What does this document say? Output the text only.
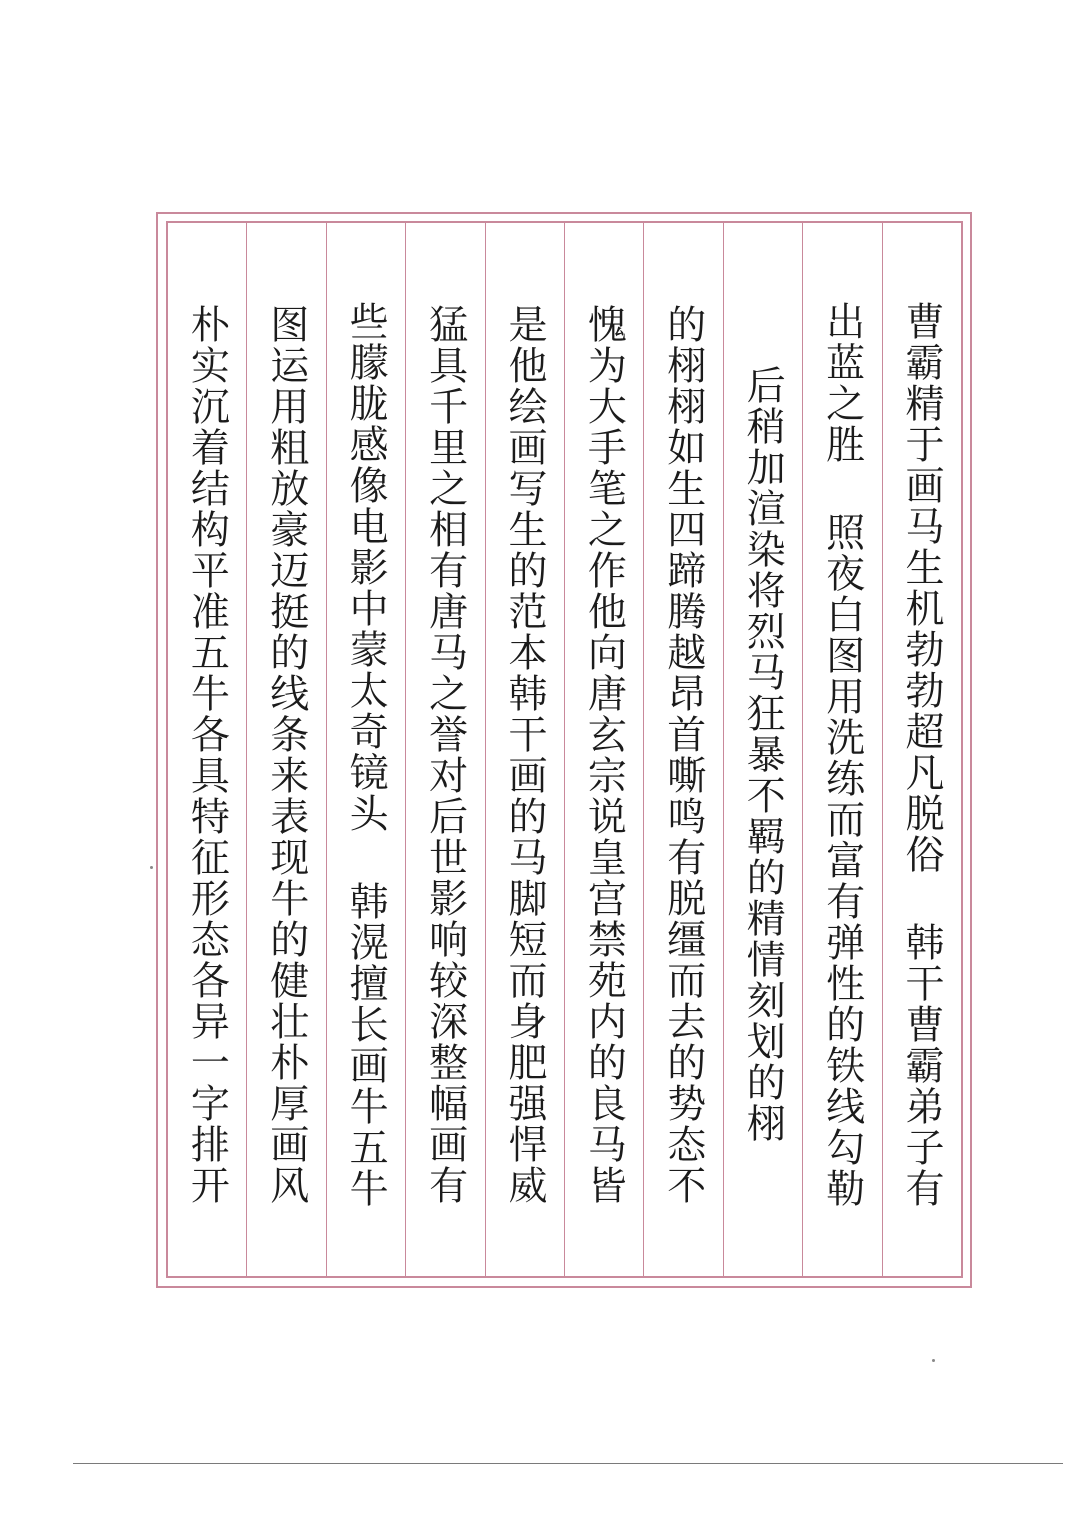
曹霸精于画马生机勃勃超凡脱俗 韩干曹霸弟子有
出蓝之胜 照夜白图用洗练而富有弹性的铁线勾勒
后稍加渲染将烈马狂暴不羁的精情刻划的栩
的栩栩如生四蹄腾越昂首嘶鸣有脱缰而去的势态不
愧为大手笔之作他向唐玄宗说皇宫禁苑内的良马皆
是他绘画写生的范本韩干画的马脚短而身肥强悍威
猛具千里之相有唐马之誉对后世影响较深整幅画有
些朦胧感像电影中蒙太奇镜头 韩滉擅长画牛五牛
图运用粗放豪迈挺的线条来表现牛的健壮朴厚画风
朴实沉着结构平准五牛各具特征形态各异一字排开
